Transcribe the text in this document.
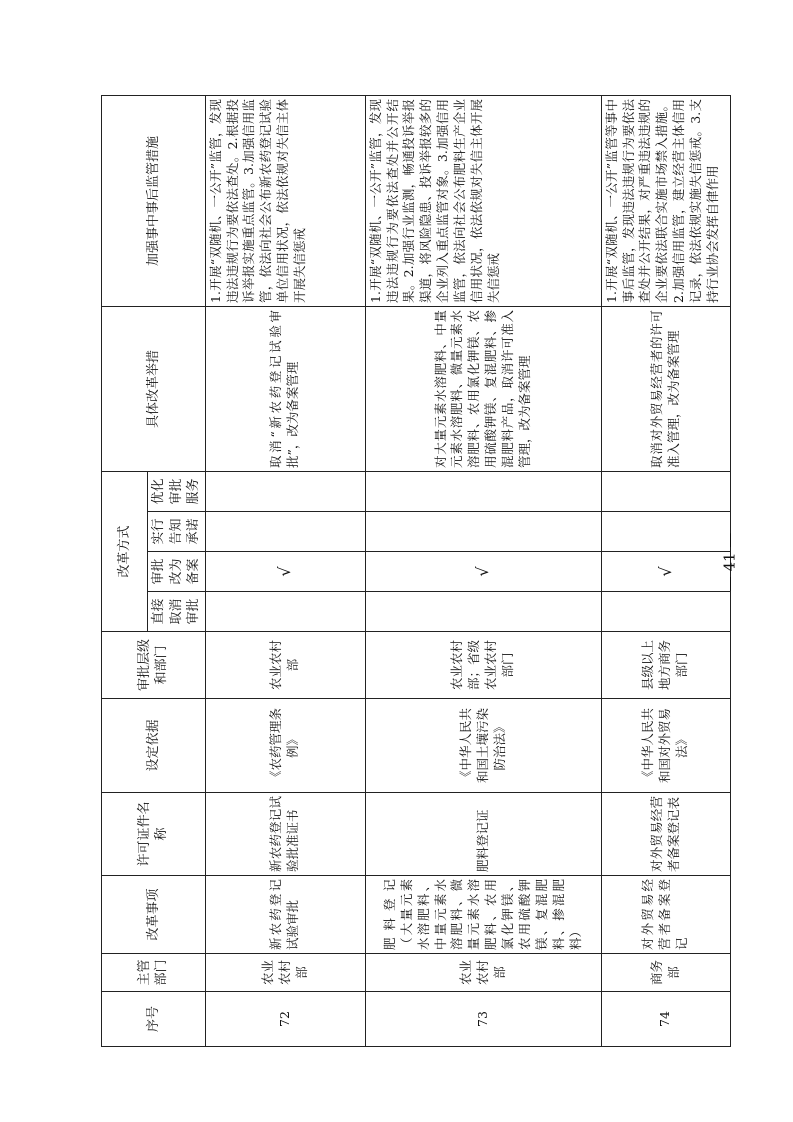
序号	主管部门	改革事项	许可证件名称	设定依据	审批层级和部门	改革方式				具体改革举措	加强事中事后监管措施
						直接取消审批	审批改为备案	实行告知承诺	优化审批服务		
72	农业农村部	新农药登记试验审批	新农药登记试验批准证书	《农药管理条例》	农业农村部		√			取消“新农药登记试验审批”，改为备案管理	1.开展“双随机、一公开”监管，发现违法违规行为要依法查处。2.根据投诉举报实施重点监管。3.加强信用监管，依法向社会公布新农药登记试验单位信用状况，依法依规对失信主体开展失信惩戒
73	农业农村部	肥料登记（大量元素水溶肥料、中量元素水溶肥料、微量元素水溶肥料、农用氯化钾镁、农用硫酸钾镁、复混肥料、掺混肥料）	肥料登记证	《中华人民共和国土壤污染防治法》	农业农村部；省级农业农村部门		√			对大量元素水溶肥料、中量元素水溶肥料、微量元素水溶肥料、农用氯化钾镁、农用硫酸钾镁、复混肥料、掺混肥料产品，取消许可准入管理，改为备案管理	1.开展“双随机、一公开”监管，发现违法违规行为要依法查处并公开结果。2.加强行业监测，畅通投诉举报渠道，将风险隐患、投诉举报较多的企业列入重点监管对象。3.加强信用监管，依法向社会公布肥料生产企业信用状况，依法依规对失信主体开展失信惩戒
74	商务部	对外贸易经营者备案登记	对外贸易经营者备案登记表	《中华人民共和国对外贸易法》	县级以上地方商务部门		√			取消对外贸易经营者的许可准入管理，改为备案管理	1.开展“双随机、一公开”监管等事中事后监管，发现违法违规行为要依法查处并公开结果，对严重违法违规的企业要依法联合实施市场禁入措施。2.加强信用监管，建立经营主体信用记录，依法依规实施失信惩戒。3.支持行业协会发挥自律作用
— 41 —
